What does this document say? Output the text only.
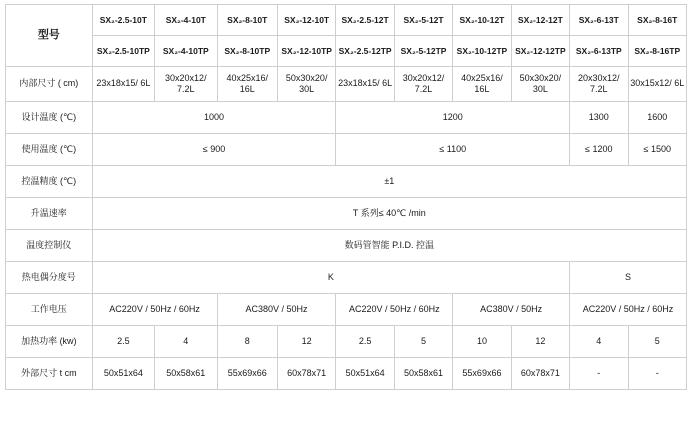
型号	SX₂-2.5-10T	SX₂-4-10T	SX₂-8-10T	SX₂-12-10T	SX₂-2.5-12T	SX₂-5-12T	SX₂-10-12T	SX₂-12-12T	SX₂-6-13T	SX₂-8-16T
	SX₂-2.5-10TP	SX₂-4-10TP	SX₂-8-10TP	SX₂-12-10TP	SX₂-2.5-12TP	SX₂-5-12TP	SX₂-10-12TP	SX₂-12-12TP	SX₂-6-13TP	SX₂-8-16TP
内部尺寸 ( cm)	23x18x15/ 6L	30x20x12/ 7.2L	40x25x16/ 16L	50x30x20/ 30L	23x18x15/ 6L	30x20x12/ 7.2L	40x25x16/ 16L	50x30x20/ 30L	20x30x12/ 7.2L	30x15x12/ 6L
设计温度 (℃)	1000				1200				1300	1600
使用温度 (℃)	≤ 900				≤ 1100				≤ 1200	≤ 1500
控温精度 (℃)	±1									
升温速率	T 系列≤ 40℃ /min									
温度控制仪	数码管智能 P.I.D. 控温									
热电偶分度号	K								S	
工作电压	AC220V / 50Hz / 60Hz		AC380V / 50Hz		AC220V / 50Hz / 60Hz		AC380V / 50Hz		AC220V / 50Hz / 60Hz	
加热功率 (kw)	2.5	4	8	12	2.5	5	10	12	4	5
外部尺寸 t cm	50x51x64	50x58x61	55x69x66	60x78x71	50x51x64	50x58x61	55x69x66	60x78x71	-	-
